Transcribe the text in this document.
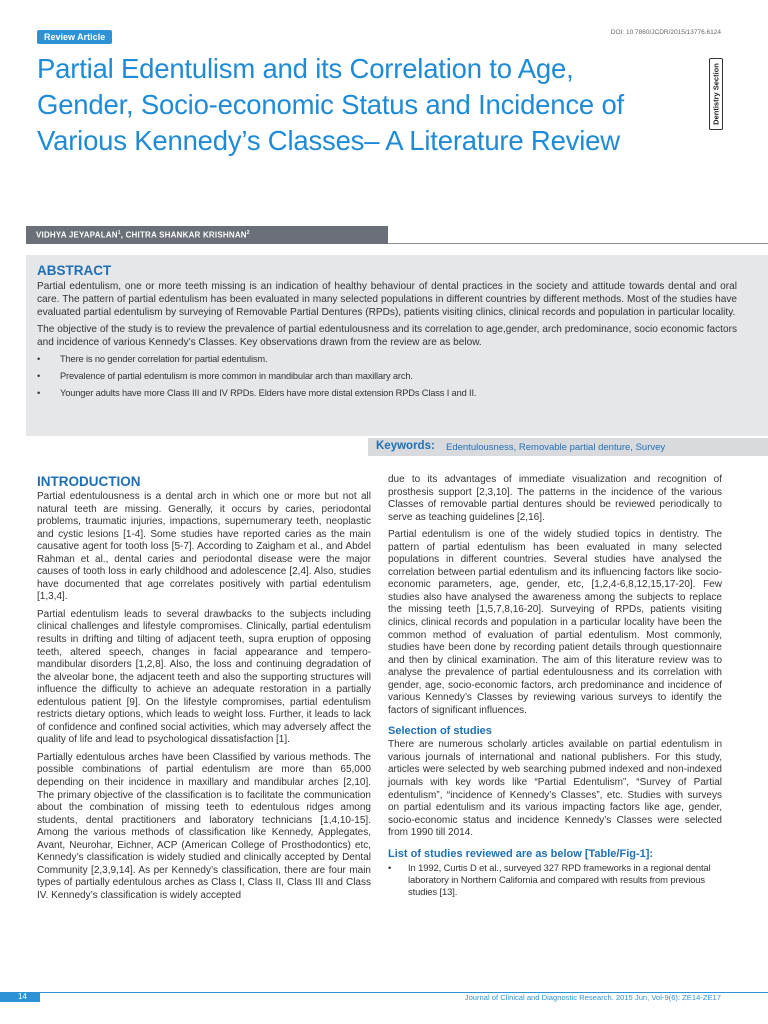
Review Article	DOI: 10.7860/JCDR/2015/13776.6124
Dentistry Section
Partial Edentulism and its Correlation to Age, Gender, Socio-economic Status and Incidence of Various Kennedy’s Classes– A Literature Review
VIDHYA JEYAPALAN$^1$, CHITRA SHANKAR KRISHNAN$^2$
ABSTRACT

Partial edentulism, one or more teeth missing is an indication of healthy behaviour of dental practices in the society and attitude towards dental and oral care. The pattern of partial edentulism has been evaluated in many selected populations in different countries by different methods. Most of the studies have evaluated partial edentulism by surveying of Removable Partial Dentures (RPDs), patients visiting clinics, clinical records and population in particular locality.

The objective of the study is to review the prevalence of partial edentulousness and its correlation to age,gender, arch predominance, socio economic factors and incidence of various Kennedy’s Classes. Key observations drawn from the review are as below.

• There is no gender correlation for partial edentulism.
• Prevalence of partial edentulism is more common in mandibular arch than maxillary arch.
• Younger adults have more Class III and IV RPDs. Elders have more distal extension RPDs Class I and II.
Keywords: Edentulousness, Removable partial denture, Survey
INTRODUCTION

Partial edentulousness is a dental arch in which one or more but not all natural teeth are missing. Generally, it occurs by caries, periodontal problems, traumatic injuries, impactions, supernumerary teeth, neoplastic and cystic lesions [1-4]. Some studies have reported caries as the main causative agent for tooth loss [5-7]. According to Zaigham et al., and Abdel Rahman et al., dental caries and periodontal disease were the major causes of tooth loss in early childhood and adolescence [2,4]. Also, studies have documented that age correlates positively with partial edentulism [1,3,4].

Partial edentulism leads to several drawbacks to the subjects including clinical challenges and lifestyle compromises. Clinically, partial edentulism results in drifting and tilting of adjacent teeth, supra eruption of opposing teeth, altered speech, changes in facial appearance and tempero-mandibular disorders [1,2,8]. Also, the loss and continuing degradation of the alveolar bone, the adjacent teeth and also the supporting structures will influence the difficulty to achieve an adequate restoration in a partially edentulous patient [9]. On the lifestyle compromises, partial edentulism restricts dietary options, which leads to weight loss. Further, it leads to lack of confidence and confined social activities, which may adversely affect the quality of life and lead to psychological dissatisfaction [1].

Partially edentulous arches have been Classified by various methods. The possible combinations of partial edentulism are more than 65,000 depending on their incidence in maxillary and mandibular arches [2,10]. The primary objective of the classification is to facilitate the communication about the combination of missing teeth to edentulous ridges among students, dental practitioners and laboratory technicians [1,4,10-15]. Among the various methods of classification like Kennedy, Applegates, Avant, Neurohar, Eichner, ACP (American College of Prosthodontics) etc, Kennedy’s classification is widely studied and clinically accepted by Dental Community [2,3,9,14]. As per Kennedy’s classification, there are four main types of partially edentulous arches as Class I, Class II, Class III and Class IV. Kennedy’s classification is widely accepted

due to its advantages of immediate visualization and recognition of prosthesis support [2,3,10]. The patterns in the incidence of the various Classes of removable partial dentures should be reviewed periodically to serve as teaching guidelines [2,16].

Partial edentulism is one of the widely studied topics in dentistry. The pattern of partial edentulism has been evaluated in many selected populations in different countries. Several studies have analysed the correlation between partial edentulism and its influencing factors like socio-economic parameters, age, gender, etc, [1,2,4-6,8,12,15,17-20]. Few studies also have analysed the awareness among the subjects to replace the missing teeth [1,5,7,8,16-20]. Surveying of RPDs, patients visiting clinics, clinical records and population in a particular locality have been the common method of evaluation of partial edentulism. Most commonly, studies have been done by recording patient details through questionnaire and then by clinical examination. The aim of this literature review was to analyse the prevalence of partial edentulousness and its correlation with gender, age, socio-economic factors, arch predominance and incidence of various Kennedy’s Classes by reviewing various surveys to identify the factors of significant influences.

Selection of studies

There are numerous scholarly articles available on partial edentulism in various journals of international and national publishers. For this study, articles were selected by web searching pubmed indexed and non-indexed journals with key words like “Partial Edentulism”, “Survey of Partial edentulism”, “incidence of Kennedy’s Classes”, etc. Studies with surveys on partial edentulism and its various impacting factors like age, gender, socio-economic status and incidence Kennedy’s Classes were selected from 1990 till 2014.

List of studies reviewed are as below [Table/Fig-1]:
• In 1992, Curtis D et al., surveyed 327 RPD frameworks in a regional dental laboratory in Northern California and compared with results from previous studies [13].
14	Journal of Clinical and Diagnostic Research. 2015 Jun, Vol-9(6): ZE14-ZE17
